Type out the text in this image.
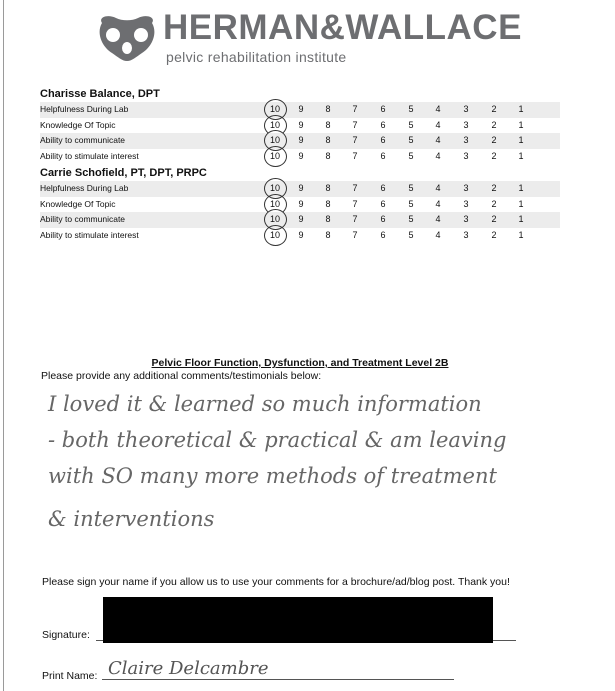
HERMAN&WALLACE
pelvic rehabilitation institute
Charisse Balance, DPT
Helpfulness During Lab	10	9	8	7	6	5	4	3	2	1
Knowledge Of Topic	10	9	8	7	6	5	4	3	2	1
Ability to communicate	10	9	8	7	6	5	4	3	2	1
Ability to stimulate interest	10	9	8	7	6	5	4	3	2	1
Carrie Schofield, PT, DPT, PRPC
Helpfulness During Lab	10	9	8	7	6	5	4	3	2	1
Knowledge Of Topic	10	9	8	7	6	5	4	3	2	1
Ability to communicate	10	9	8	7	6	5	4	3	2	1
Ability to stimulate interest	10	9	8	7	6	5	4	3	2	1
Pelvic Floor Function, Dysfunction, and Treatment Level 2B
Please provide any additional comments/testimonials below:
I loved it & learned so much information
- both theoretical & practical & am leaving
with SO many more methods of treatment
& interventions
Please sign your name if you allow us to use your comments for a brochure/ad/blog post. Thank you!
Signature:
Print Name: Claire Delcambre
